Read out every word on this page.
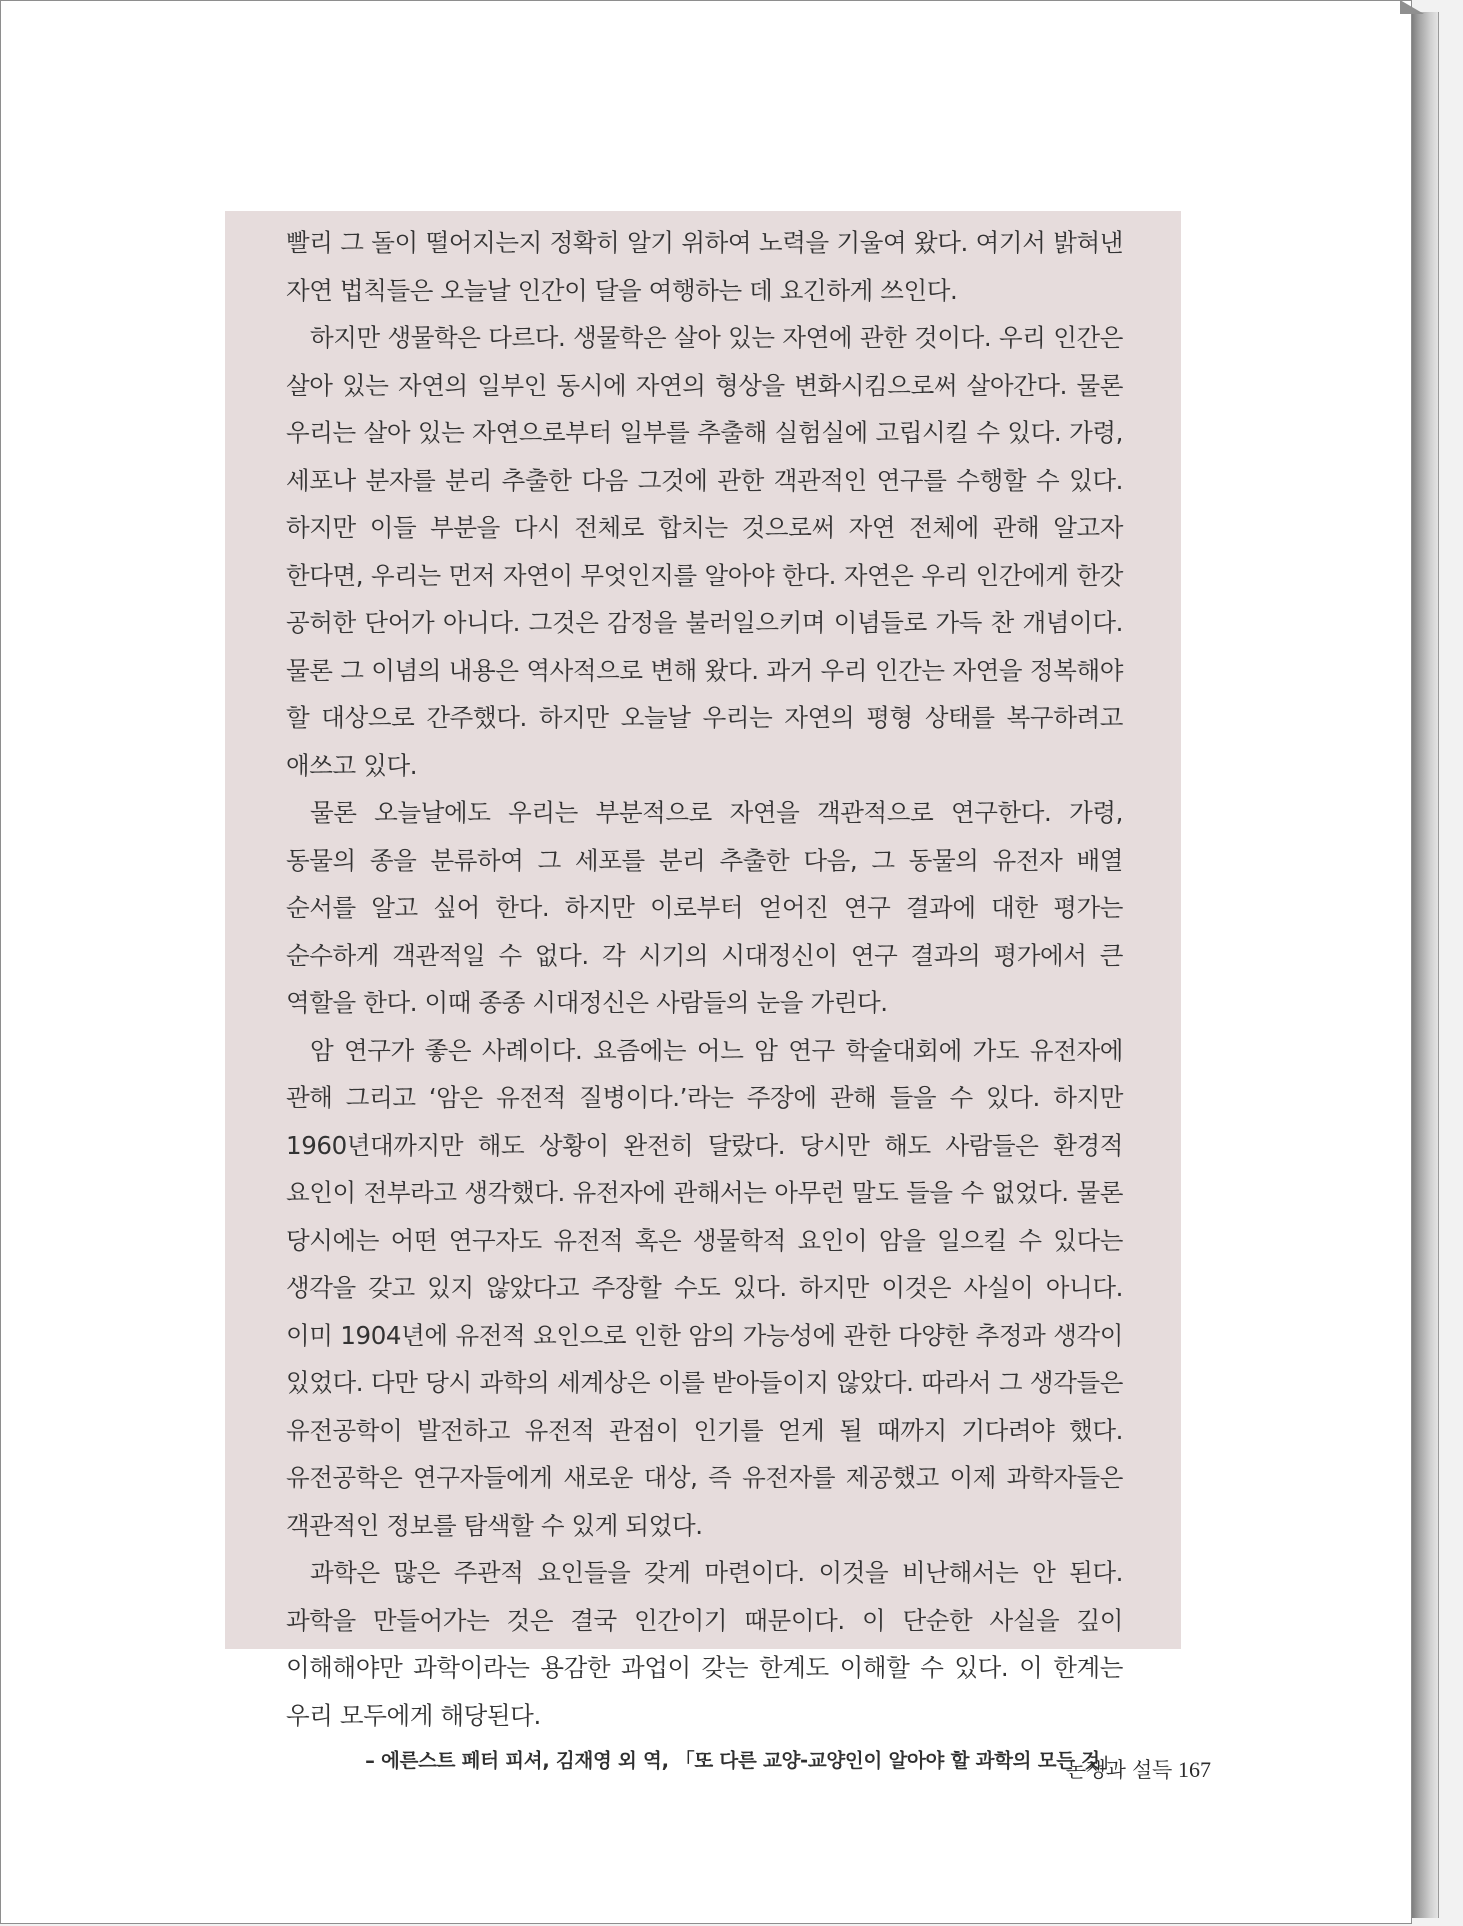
빨리 그 돌이 떨어지는지 정확히 알기 위하여 노력을 기울여 왔다. 여기서 밝혀낸 자연 법칙들은 오늘날 인간이 달을 여행하는 데 요긴하게 쓰인다.

하지만 생물학은 다르다. 생물학은 살아 있는 자연에 관한 것이다. 우리 인간은 살아 있는 자연의 일부인 동시에 자연의 형상을 변화시킴으로써 살아간다. 물론 우리는 살아 있는 자연으로부터 일부를 추출해 실험실에 고립시킬 수 있다. 가령, 세포나 분자를 분리 추출한 다음 그것에 관한 객관적인 연구를 수행할 수 있다. 하지만 이들 부분을 다시 전체로 합치는 것으로써 자연 전체에 관해 알고자 한다면, 우리는 먼저 자연이 무엇인지를 알아야 한다. 자연은 우리 인간에게 한갓 공허한 단어가 아니다. 그것은 감정을 불러일으키며 이념들로 가득 찬 개념이다. 물론 그 이념의 내용은 역사적으로 변해 왔다. 과거 우리 인간는 자연을 정복해야 할 대상으로 간주했다. 하지만 오늘날 우리는 자연의 평형 상태를 복구하려고 애쓰고 있다.

물론 오늘날에도 우리는 부분적으로 자연을 객관적으로 연구한다. 가령, 동물의 종을 분류하여 그 세포를 분리 추출한 다음, 그 동물의 유전자 배열 순서를 알고 싶어 한다. 하지만 이로부터 얻어진 연구 결과에 대한 평가는 순수하게 객관적일 수 없다. 각 시기의 시대정신이 연구 결과의 평가에서 큰 역할을 한다. 이때 종종 시대정신은 사람들의 눈을 가린다.

암 연구가 좋은 사례이다. 요즘에는 어느 암 연구 학술대회에 가도 유전자에 관해 그리고 ‘암은 유전적 질병이다.’라는 주장에 관해 들을 수 있다. 하지만 1960년대까지만 해도 상황이 완전히 달랐다. 당시만 해도 사람들은 환경적 요인이 전부라고 생각했다. 유전자에 관해서는 아무런 말도 들을 수 없었다. 물론 당시에는 어떤 연구자도 유전적 혹은 생물학적 요인이 암을 일으킬 수 있다는 생각을 갖고 있지 않았다고 주장할 수도 있다. 하지만 이것은 사실이 아니다. 이미 1904년에 유전적 요인으로 인한 암의 가능성에 관한 다양한 추정과 생각이 있었다. 다만 당시 과학의 세계상은 이를 받아들이지 않았다. 따라서 그 생각들은 유전공학이 발전하고 유전적 관점이 인기를 얻게 될 때까지 기다려야 했다. 유전공학은 연구자들에게 새로운 대상, 즉 유전자를 제공했고 이제 과학자들은 객관적인 정보를 탐색할 수 있게 되었다.

과학은 많은 주관적 요인들을 갖게 마련이다. 이것을 비난해서는 안 된다. 과학을 만들어가는 것은 결국 인간이기 때문이다. 이 단순한 사실을 깊이 이해해야만 과학이라는 용감한 과업이 갖는 한계도 이해할 수 있다. 이 한계는 우리 모두에게 해당된다.

– 에른스트 페터 피셔, 김재영 외 역, 「또 다른 교양-교양인이 알아야 할 과학의 모든 것」

논쟁과 설득 167
